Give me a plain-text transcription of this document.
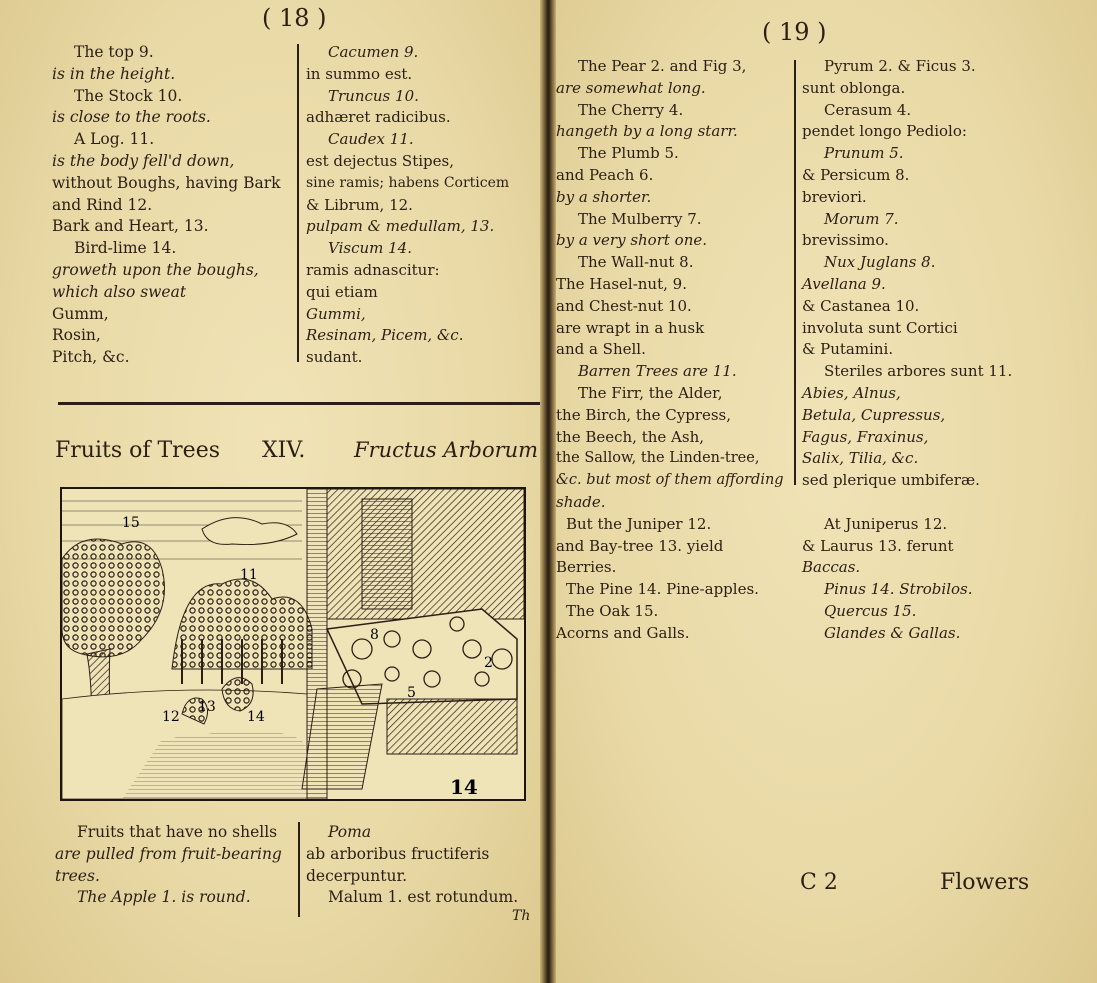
( 18 )
The top 9.
is in the height.
The Stock 10.
is close to the roots.
A Log. 11.
is the body fell'd down,
without Boughs, having Bark
and Rind 12.
Bark and Heart, 13.
Bird-lime 14.
groweth upon the boughs,
which also sweat
Gumm,
Rosin,
Pitch, &c.
Cacumen 9.
in summo est.
Truncus 10.
adhæret radicibus.
Caudex 11.
est dejectus Stipes,
sine ramis; habens Corticem
& Librum, 12.
pulpam & medullam, 13.
Viscum 14.
ramis adnascitur:
qui etiam
Gummi,
Resinam, Picem, &c.
sudant.
Fruits of Trees XIV. Fructus Arborum
15
11
13
12	14
8
2
5
14
Fruits that have no shells
are pulled from fruit-bearing
trees.
The Apple 1. is round.
Poma
ab arboribus fructiferis
decerpuntur.
Malum 1. est rotundum.
Th
( 19 )
The Pear 2. and Fig 3,
are somewhat long.
The Cherry 4.
hangeth by a long starr.
The Plumb 5.
and Peach 6.
by a shorter.
The Mulberry 7.
by a very short one.
The Wall-nut 8.
The Hasel-nut, 9.
and Chest-nut 10.
are wrapt in a husk
and a Shell.
Barren Trees are 11.
The Firr, the Alder,
the Birch, the Cypress,
the Beech, the Ash,
the Sallow, the Linden-tree,
&c. but most of them affording
shade.
But the Juniper 12.
and Bay-tree 13. yield
Berries.
The Pine 14. Pine-apples.
The Oak 15.
Acorns and Galls.
Pyrum 2. & Ficus 3.
sunt oblonga.
Cerasum 4.
pendet longo Pediolo:
Prunum 5.
& Persicum 8.
breviori.
Morum 7.
brevissimo.
Nux Juglans 8.
Avellana 9.
& Castanea 10.
involuta sunt Cortici
& Putamini.
Steriles arbores sunt 11.
Abies, Alnus,
Betula, Cupressus,
Fagus, Fraxinus,
Salix, Tilia, &c.
sed plerique umbiferæ.
At Juniperus 12.
& Laurus 13. ferunt
Baccas.
Pinus 14. Strobilos.
Quercus 15.
Glandes & Gallas.
C 2	Flowers
